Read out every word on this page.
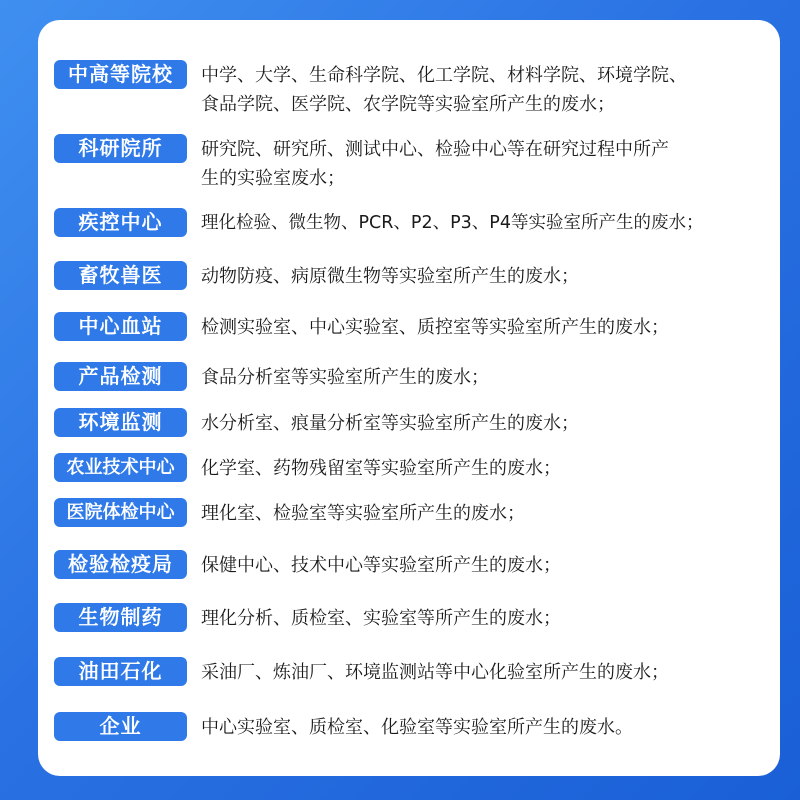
中高等院校	中学、大学、生命科学院、化工学院、材料学院、环境学院、
食品学院、医学院、农学院等实验室所产生的废水；
科研院所	研究院、研究所、测试中心、检验中心等在研究过程中所产
生的实验室废水；
疾控中心	理化检验、微生物、PCR、P2、P3、P4等实验室所产生的废水；
畜牧兽医	动物防疫、病原微生物等实验室所产生的废水；
中心血站	检测实验室、中心实验室、质控室等实验室所产生的废水；
产品检测	食品分析室等实验室所产生的废水；
环境监测	水分析室、痕量分析室等实验室所产生的废水；
农业技术中心	化学室、药物残留室等实验室所产生的废水；
医院体检中心	理化室、检验室等实验室所产生的废水；
检验检疫局	保健中心、技术中心等实验室所产生的废水；
生物制药	理化分析、质检室、实验室等所产生的废水；
油田石化	采油厂、炼油厂、环境监测站等中心化验室所产生的废水；
企业	中心实验室、质检室、化验室等实验室所产生的废水。
